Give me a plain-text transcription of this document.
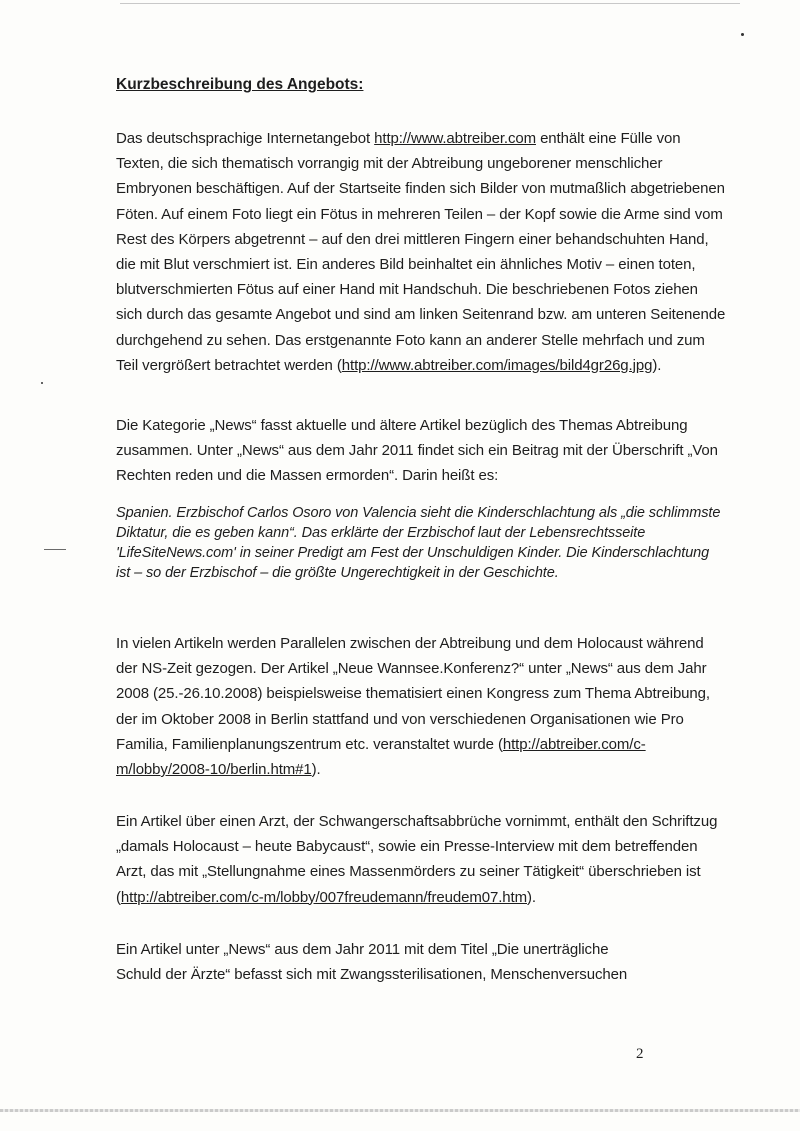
Kurzbeschreibung des Angebots:

Das deutschsprachige Internetangebot http://www.abtreiber.com enthält eine Fülle von Texten, die sich thematisch vorrangig mit der Abtreibung ungeborener menschlicher Embryonen beschäftigen. Auf der Startseite finden sich Bilder von mutmaßlich abgetriebenen Föten. Auf einem Foto liegt ein Fötus in mehreren Teilen – der Kopf sowie die Arme sind vom Rest des Körpers abgetrennt – auf den drei mittleren Fingern einer behandschuhten Hand, die mit Blut verschmiert ist. Ein anderes Bild beinhaltet ein ähnliches Motiv – einen toten, blutverschmierten Fötus auf einer Hand mit Handschuh. Die beschriebenen Fotos ziehen sich durch das gesamte Angebot und sind am linken Seitenrand bzw. am unteren Seitenende durchgehend zu sehen. Das erstgenannte Foto kann an anderer Stelle mehrfach und zum Teil vergrößert betrachtet werden (http://www.abtreiber.com/images/bild4gr26g.jpg).

Die Kategorie „News“ fasst aktuelle und ältere Artikel bezüglich des Themas Abtreibung zusammen. Unter „News“ aus dem Jahr 2011 findet sich ein Beitrag mit der Überschrift „Von Rechten reden und die Massen ermorden“. Darin heißt es:

Spanien. Erzbischof Carlos Osoro von Valencia sieht die Kinderschlachtung als „die schlimmste Diktatur, die es geben kann“. Das erklärte der Erzbischof laut der Lebensrechtsseite 'LifeSiteNews.com' in seiner Predigt am Fest der Unschuldigen Kinder. Die Kinderschlachtung ist – so der Erzbischof – die größte Ungerechtigkeit in der Geschichte.

In vielen Artikeln werden Parallelen zwischen der Abtreibung und dem Holocaust während der NS-Zeit gezogen. Der Artikel „Neue Wannsee.Konferenz?“ unter „News“ aus dem Jahr 2008 (25.-26.10.2008) beispielsweise thematisiert einen Kongress zum Thema Abtreibung, der im Oktober 2008 in Berlin stattfand und von verschiedenen Organisationen wie Pro Familia, Familienplanungszentrum etc. veranstaltet wurde (http://abtreiber.com/c-m/lobby/2008-10/berlin.htm#1).

Ein Artikel über einen Arzt, der Schwangerschaftsabbrüche vornimmt, enthält den Schriftzug „damals Holocaust – heute Babycaust“, sowie ein Presse-Interview mit dem betreffenden Arzt, das mit „Stellungnahme eines Massenmörders zu seiner Tätigkeit“ überschrieben ist (http://abtreiber.com/c-m/lobby/007freudemann/freudem07.htm).

Ein Artikel unter „News“ aus dem Jahr 2011 mit dem Titel „Die unerträgliche
Schuld der Ärzte“ befasst sich mit Zwangssterilisationen, Menschenversuchen

2
